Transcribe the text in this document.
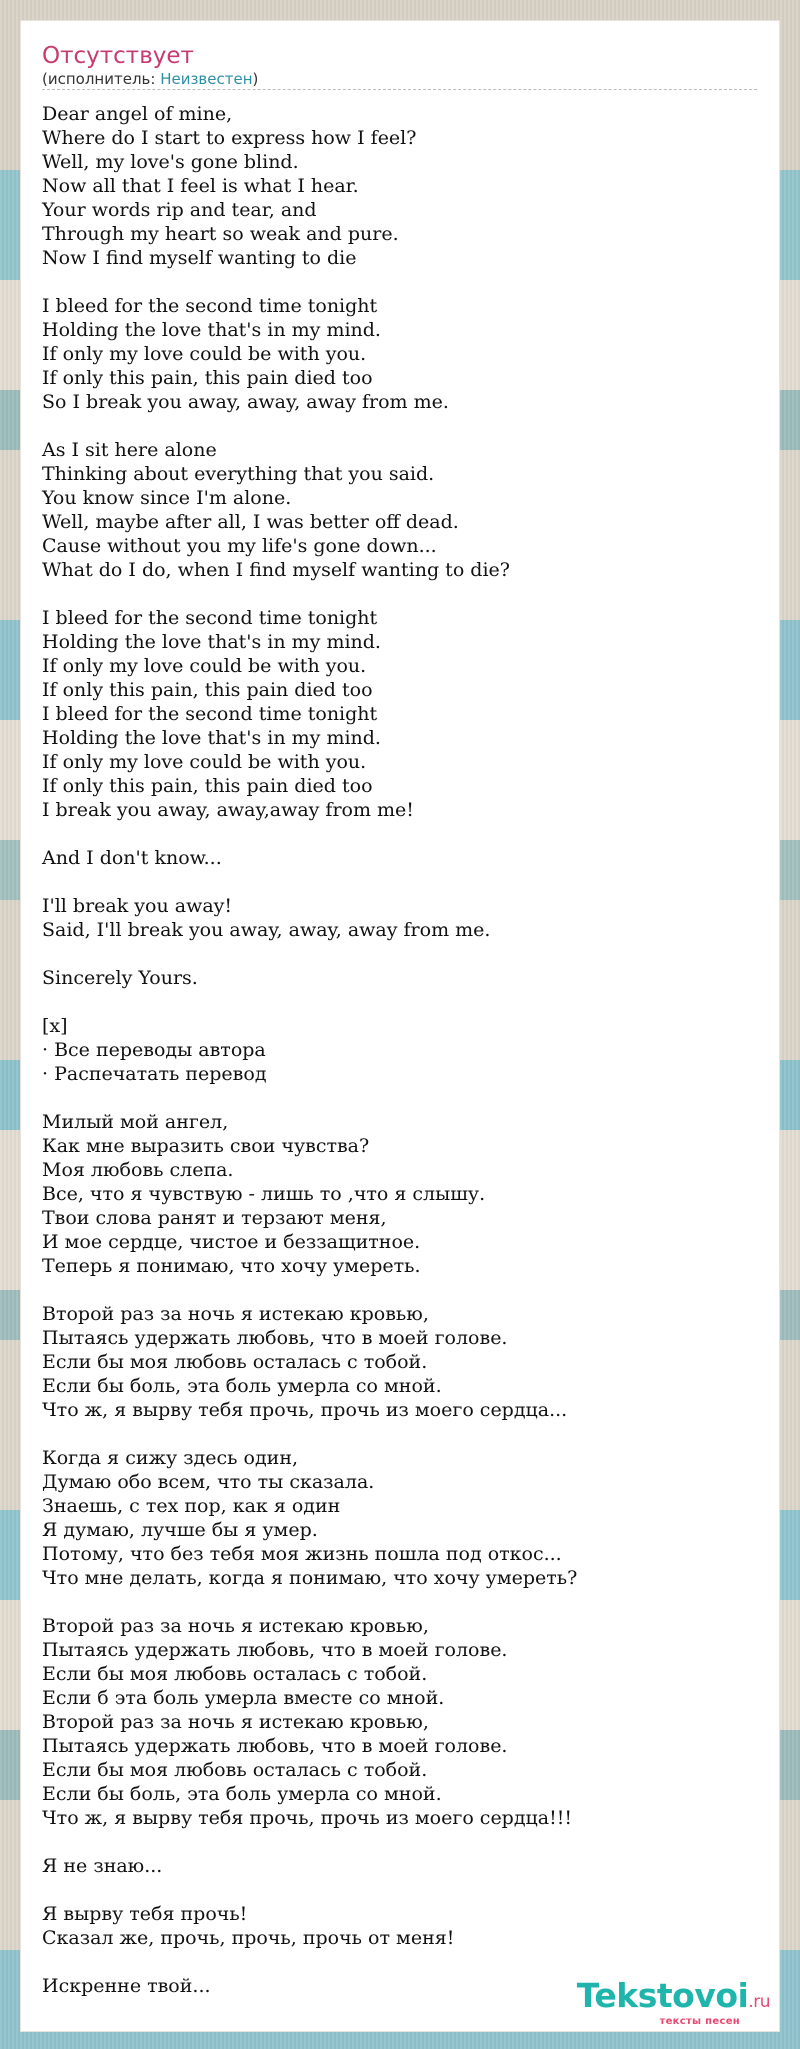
Отсутствует
(исполнитель: Неизвестен)
Dear angel of mine,
Where do I start to express how I feel?
Well, my love's gone blind.
Now all that I feel is what I hear.
Your words rip and tear, and
Through my heart so weak and pure.
Now I find myself wanting to die
I bleed for the second time tonight
Holding the love that's in my mind.
If only my love could be with you.
If only this pain, this pain died too
So I break you away, away, away from me.
As I sit here alone
Thinking about everything that you said.
You know since I'm alone.
Well, maybe after all, I was better off dead.
Cause without you my life's gone down...
What do I do, when I find myself wanting to die?
I bleed for the second time tonight
Holding the love that's in my mind.
If only my love could be with you.
If only this pain, this pain died too
I bleed for the second time tonight
Holding the love that's in my mind.
If only my love could be with you.
If only this pain, this pain died too
I break you away, away,away from me!
And I don't know...
I'll break you away!
Said, I'll break you away, away, away from me.
Sincerely Yours.
[x]
· Все переводы автора
· Распечатать перевод
Милый мой ангел,
Как мне выразить свои чувства?
Моя любовь слепа.
Все, что я чувствую - лишь то ,что я слышу.
Твои слова ранят и терзают меня,
И мое сердце, чистое и беззащитное.
Теперь я понимаю, что хочу умереть.
Второй раз за ночь я истекаю кровью,
Пытаясь удержать любовь, что в моей голове.
Если бы моя любовь осталась с тобой.
Если бы боль, эта боль умерла со мной.
Что ж, я вырву тебя прочь, прочь из моего сердца...
Когда я сижу здесь один,
Думаю обо всем, что ты сказала.
Знаешь, с тех пор, как я один
Я думаю, лучше бы я умер.
Потому, что без тебя моя жизнь пошла под откос...
Что мне делать, когда я понимаю, что хочу умереть?
Второй раз за ночь я истекаю кровью,
Пытаясь удержать любовь, что в моей голове.
Если бы моя любовь осталась с тобой.
Если б эта боль умерла вместе со мной.
Второй раз за ночь я истекаю кровью,
Пытаясь удержать любовь, что в моей голове.
Если бы моя любовь осталась с тобой.
Если бы боль, эта боль умерла со мной.
Что ж, я вырву тебя прочь, прочь из моего сердца!!!
Я не знаю...
Я вырву тебя прочь!
Сказал же, прочь, прочь, прочь от меня!
Искренне твой...	Tekstovoi.ru
тексты песен
